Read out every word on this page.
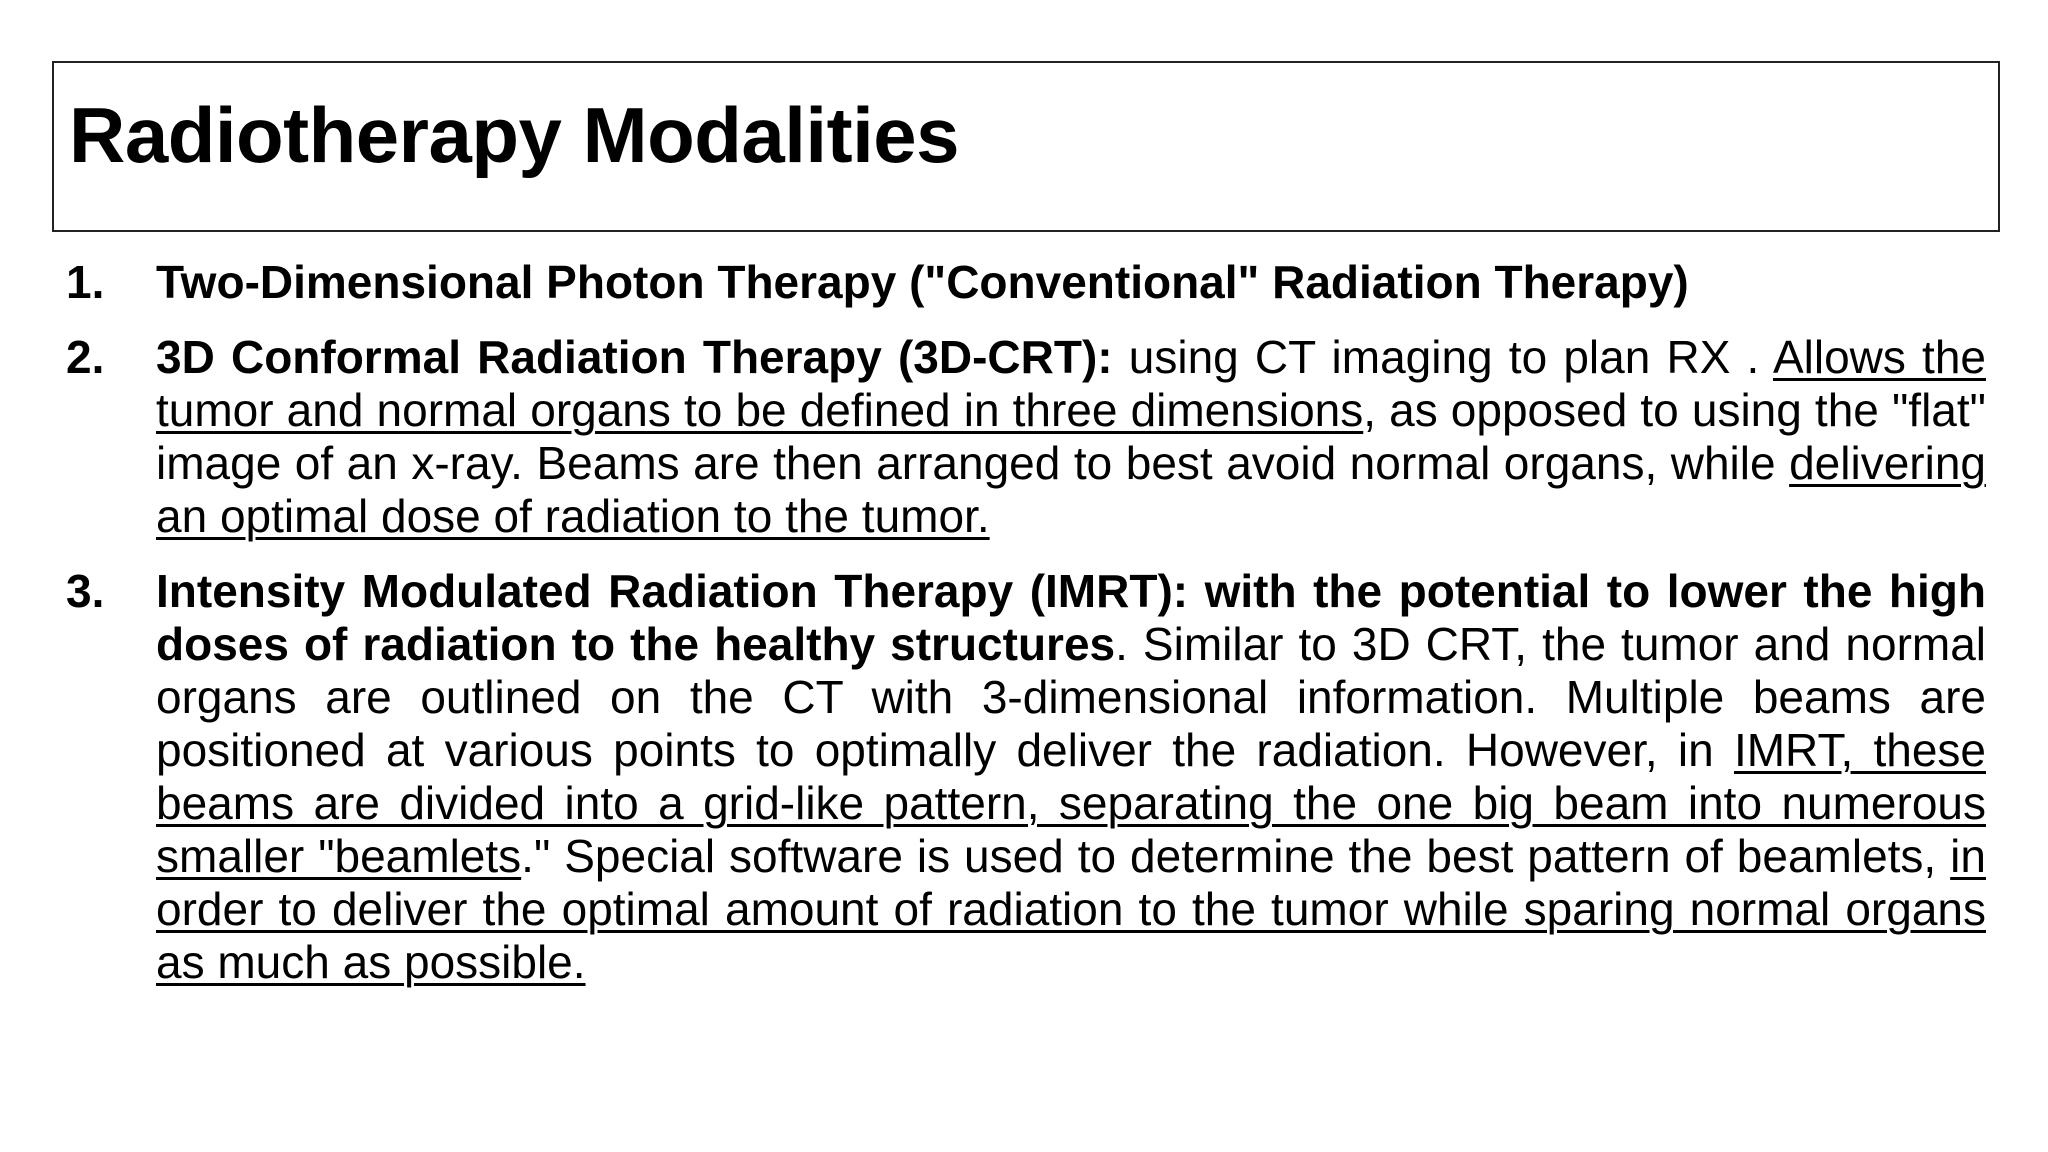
Radiotherapy Modalities
1.	Two-Dimensional Photon Therapy ("Conventional" Radiation Therapy)
2.	3D Conformal Radiation Therapy (3D-CRT): using CT imaging to plan RX . Allows the tumor and normal organs to be defined in three dimensions, as opposed to using the "flat" image of an x-ray. Beams are then arranged to best avoid normal organs, while delivering an optimal dose of radiation to the tumor.
3.	Intensity Modulated Radiation Therapy (IMRT): with the potential to lower the high doses of radiation to the healthy structures. Similar to 3D CRT, the tumor and normal organs are outlined on the CT with 3-dimensional information. Multiple beams are positioned at various points to optimally deliver the radiation. However, in IMRT, these beams are divided into a grid-like pattern, separating the one big beam into numerous smaller "beamlets." Special software is used to determine the best pattern of beamlets, in order to deliver the optimal amount of radiation to the tumor while sparing normal organs as much as possible.
